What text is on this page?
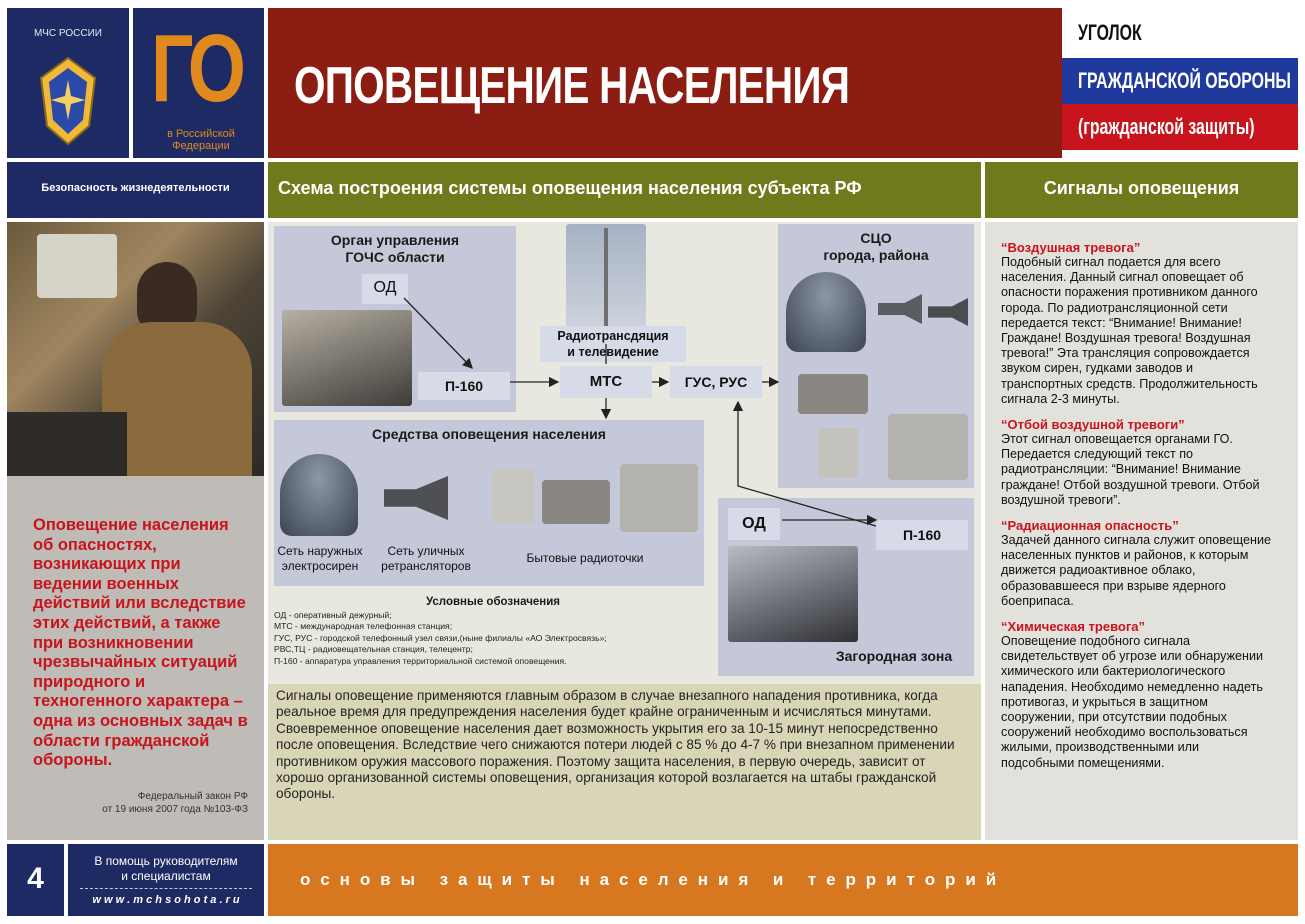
МЧС РОССИИ ГО
в Российской Федерации
ОПОВЕЩЕНИЕ НАСЕЛЕНИЯ
УГОЛОК
ГРАЖДАНСКОЙ ОБОРОНЫ
(гражданской защиты)
Безопасность жизнедеятельности	Схема построения системы оповещения населения субъекта РФ	Сигналы оповещения
Оповещение населения об опасностях, возникающих при ведении военных действий или вследствие этих действий, а также при возникновении чрезвычайных ситуаций природного и техногенного характера – одна из основных задач в области гражданской обороны.
Федеральный закон РФ
от 19 июня 2007 года №103-ФЗ
Орган управления
ГОЧС области
ОД
П-160
Радиотрансдяция
и телевидение
МТС	ГУС, РУС
СЦО
города, района
Средства оповещения населения
Сеть наружных
электросирен
Сеть уличных
ретрансляторов
Бытовые радиоточки
ОД
П-160
Загородная зона
Условные обозначения
ОД - оперативный дежурный;
МТС - международная телефонная станция;
ГУС, РУС - городской телефонный узел связи,(ныне филиалы «АО Электросвязь»;
РВС,ТЦ - радиовещательная станция, телецентр;
П-160 - аппаратура управления территориальной системой оповещения.

Сигналы оповещение применяются главным образом в случае внезапного нападения противника, когда реальное время для предупреждения населения будет крайне ограниченным и исчисляться минутами.

Своевременное оповещение населения дает возможность укрытия его за 10-15 минут непосредственно после оповещения. Вследствие чего снижаются потери людей с 85 % до 4-7 % при внезапном применении противником оружия массового поражения. Поэтому защита населения, в первую очередь, зависит от хорошо организованной системы оповещения, организация которой возлагается на штабы гражданской обороны.

“Воздушная тревога”
Подобный сигнал подается для всего населения. Данный сигнал оповещает об опасности поражения противником данного города. По радиотрансляционной сети передается текст: “Внимание! Внимание! Граждане! Воздушная тревога! Воздушная тревога!” Эта трансляция сопровождается звуком сирен, гудками заводов и транспортных средств. Продолжительность сигнала 2-3 минуты.
“Отбой воздушной тревоги”
Этот сигнал оповещается органами ГО. Передается следующий текст по радиотрансляции: “Внимание! Внимание граждане! Отбой воздушной тревоги. Отбой воздушной тревоги”.
“Радиационная опасность”
Задачей данного сигнала служит оповещение населенных пунктов и районов, к которым движется радиоактивное облако, образовавшееся при взрыве ядерного боеприпаса.
“Химическая тревога”
Оповещение подобного сигнала свидетельствует об угрозе или обнаружении химического или бактериологического нападения. Необходимо немедленно надеть противогаз, и укрыться в защитном сооружении, при отсутствии подобных сооружений необходимо воспользоваться жилыми, производственными или подсобными помещениями.
4
В помощь руководителям
и специалистам
w w w . m c h s o h o t a . r u
о с н о в ы   з а щ и т ы   н а с е л е н и я   и   т е р р и т о р и й
